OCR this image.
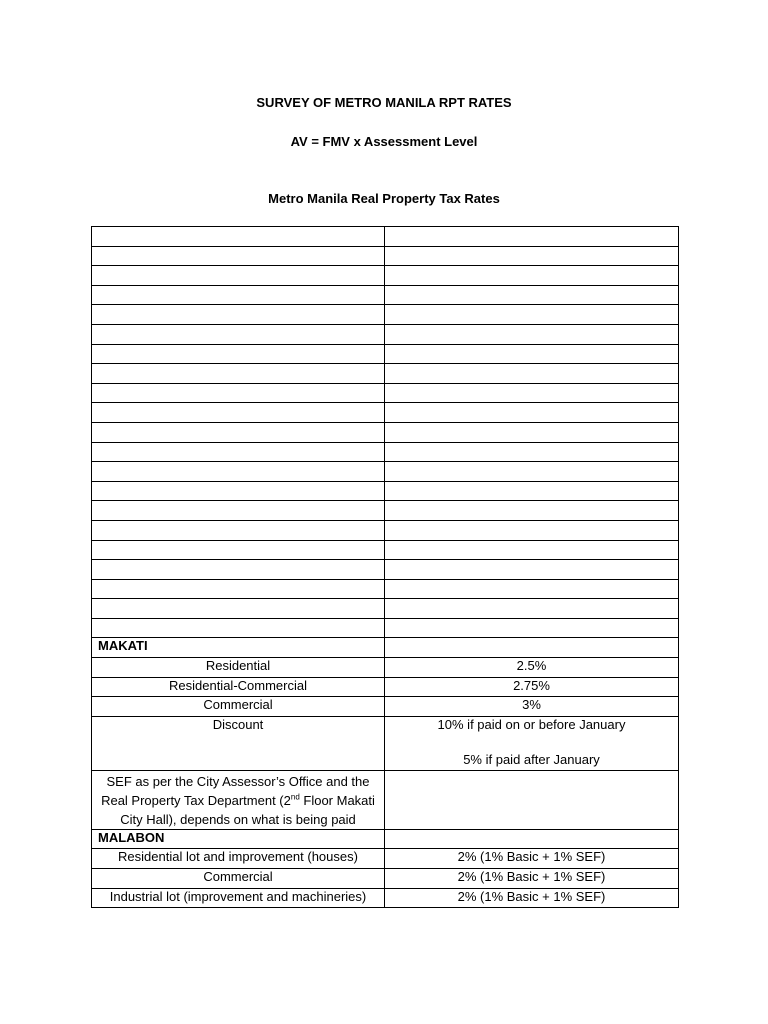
SURVEY OF METRO MANILA RPT RATES
AV = FMV x Assessment Level
Metro Manila Real Property Tax Rates

MAKATI	
Residential	2.5%
Residential-Commercial	2.75%
Commercial	3%
Discount	10% if paid on or before January
5% if paid after January

SEF as per the City Assessor’s Office and the Real Property Tax Department (2nd Floor Makati City Hall), depends on what is being paid	
MALABON	
Residential lot and improvement (houses)	2% (1% Basic + 1% SEF)
Commercial	2% (1% Basic + 1% SEF)
Industrial lot (improvement and machineries)	2% (1% Basic + 1% SEF)
